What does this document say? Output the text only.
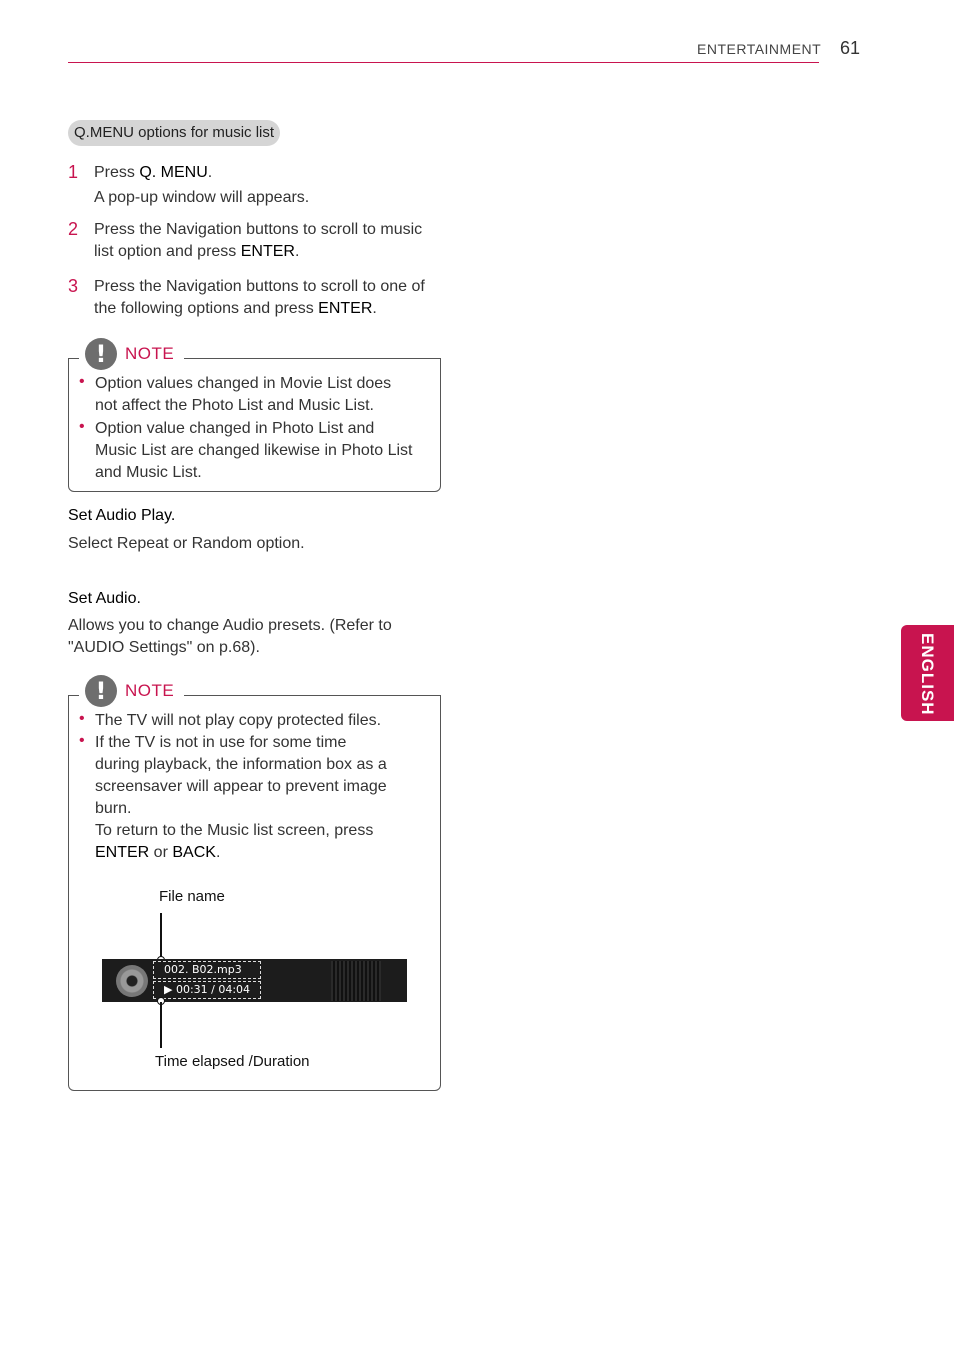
ENTERTAINMENT 61
ENGLISH
Q.MENU options for music list
1 Press Q. MENU.
A pop-up window will appears.
2 Press the Navigation buttons to scroll to music
list option and press ENTER.
3 Press the Navigation buttons to scroll to one of
the following options and press ENTER.
!	NOTE
• Option values changed in Movie List does
not affect the Photo List and Music List.
• Option value changed in Photo List and
Music List are changed likewise in Photo List
and Music List.
Set Audio Play.
Select Repeat or Random option.
Set Audio.
Allows you to change Audio presets. (Refer to
"AUDIO Settings" on p.68).
!	NOTE
• The TV will not play copy protected files.
• If the TV is not in use for some time
during playback, the information box as a
screensaver will appear to prevent image
burn.
To return to the Music list screen, press
ENTER or BACK.
File name
002. B02.mp3
▶ 00:31 / 04:04
Time elapsed /Duration
